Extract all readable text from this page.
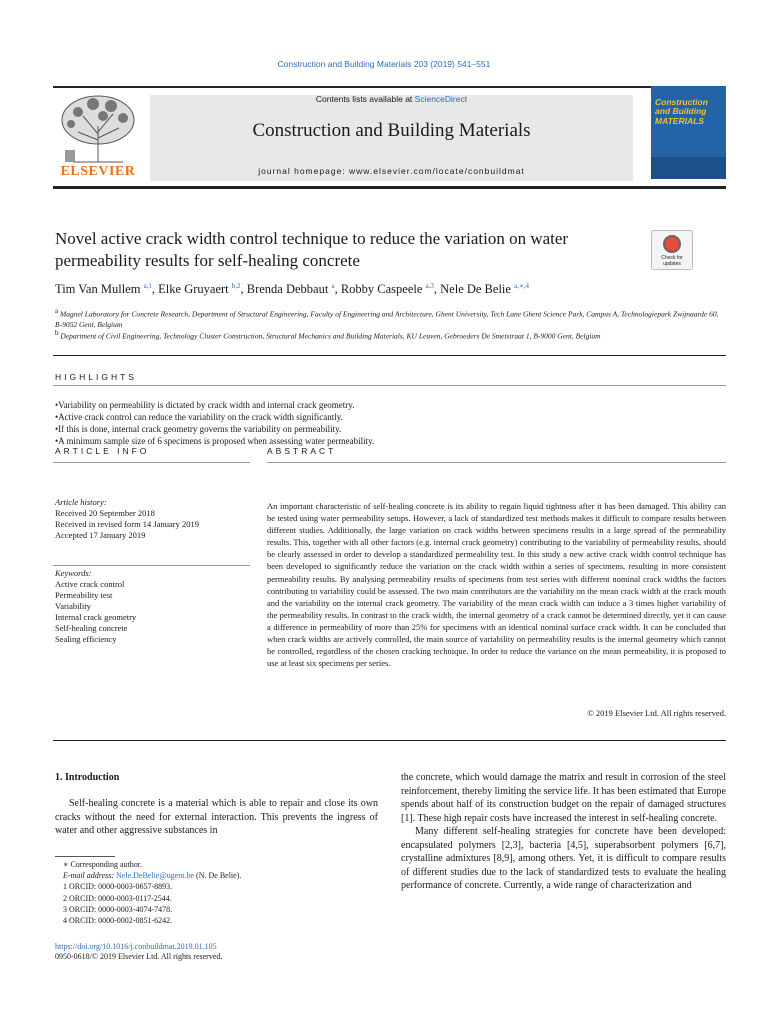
Construction and Building Materials 203 (2019) 541–551
ELSEVIER
Contents lists available at ScienceDirect
Construction and Building Materials
journal homepage: www.elsevier.com/locate/conbuildmat
Construction and Building MATERIALS
Novel active crack width control technique to reduce the variation on water permeability results for self-healing concrete	Check for updates
Tim Van Mullem $^{a,1}$, Elke Gruyaert $^{b,2}$, Brenda Debbaut $^a$, Robby Caspeele $^{a,3}$, Nele De Belie $^{a,∗,4}$
$^a$ Magnel Laboratory for Concrete Research, Department of Structural Engineering, Faculty of Engineering and Architecture, Ghent University, Tech Lane Ghent Science Park, Campus A, Technologiepark Zwijnaarde 60, B-9052 Gent, Belgium
$^b$ Department of Civil Engineering, Technology Cluster Construction, Structural Mechanics and Building Materials, KU Leuven, Gebroeders De Smetstraat 1, B-9000 Gent, Belgium
HIGHLIGHTS
• Variability on permeability is dictated by crack width and internal crack geometry.
• Active crack control can reduce the variability on the crack width significantly.
• If this is done, internal crack geometry governs the variability on permeability.
• A minimum sample size of 6 specimens is proposed when assessing water permeability.
ARTICLE INFO	ABSTRACT
Article history:
Received 20 September 2018
Received in revised form 14 January 2019
Accepted 17 January 2019
Keywords:
Active crack control
Permeability test
Variability
Internal crack geometry
Self-healing concrete
Sealing efficiency
An important characteristic of self-healing concrete is its ability to regain liquid tightness after it has been damaged. This ability can be tested using water permeability setups. However, a lack of standardized test methods makes it difficult to compare results between different studies. Additionally, the large variation on crack widths between specimens results in a large spread of the permeability results. This, together with all other factors (e.g. internal crack geometry) contributing to the variability of permeability results, should be clearly assessed in order to develop a standardized permeability test. In this study a new active crack width control technique has been developed to significantly reduce the variation on the crack width within a series of specimens, resulting in more consistent permeability results. By analysing permeability results of specimens from test series with different nominal crack widths the factors contributing to variability could be assessed. The two main contributors are the variability on the mean crack width at the crack mouth and the variability on the internal crack geometry. The variability of the mean crack width can induce a 3 times higher variability of the permeability results. In contrast to the crack width, the internal geometry of a crack cannot be determined directly, yet it can cause a difference in permeability of more than 25% for specimens with an identical nominal surface crack width. It can be concluded that when crack widths are actively controlled, the main source of variability on permeability results is the internal geometry which cannot be controlled, regardless of the chosen cracking technique. In order to reduce the variance on the mean permeability, it is proposed to use at least six specimens per series.
© 2019 Elsevier Ltd. All rights reserved.
1. Introduction
Self-healing concrete is a material which is able to repair and close its own cracks without the need for external interaction. This prevents the ingress of water and other aggressive substances in
∗ Corresponding author.
E-mail address: Nele.DeBelie@ugent.be (N. De Belie).
1 ORCID: 0000-0003-0657-8893.
2 ORCID: 0000-0003-0117-2544.
3 ORCID: 0000-0003-4074-7478.
4 ORCID: 0000-0002-0851-6242.
https://doi.org/10.1016/j.conbuildmat.2019.01.105
0950-0618/© 2019 Elsevier Ltd. All rights reserved.
the concrete, which would damage the matrix and result in corrosion of the steel reinforcement, thereby limiting the service life. It has been estimated that Europe spends about half of its construction budget on the repair of damaged structures [1]. These high repair costs have increased the interest in self-healing concrete.
Many different self-healing strategies for concrete have been developed: encapsulated polymers [2,3], bacteria [4,5], superabsorbent polymers [6,7], crystalline admixtures [8,9], among others. Yet, it is difficult to compare results of different studies due to the lack of standardized tests to evaluate the healing performance of concrete. Currently, a wide range of characterization and
